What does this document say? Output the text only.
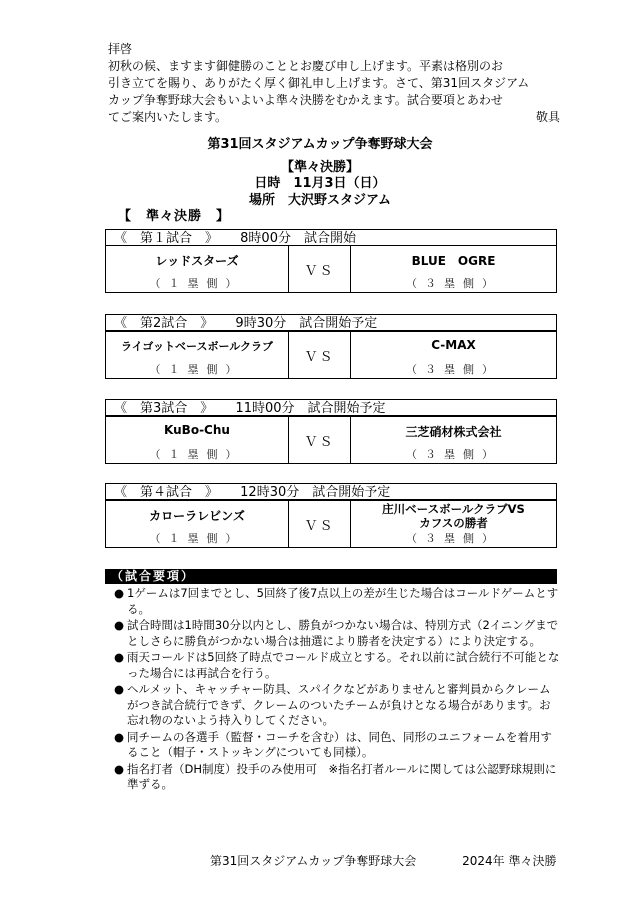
拝啓
初秋の候、ますます御健勝のこととお慶び申し上げます。平素は格別のお
引き立てを賜り、ありがたく厚く御礼申し上げます。さて、第31回スタジアム
カップ争奪野球大会もいよいよ準々決勝をむかえます。試合要項とあわせ
てご案内いたします。	敬具
第31回スタジアムカップ争奪野球大会
【準々決勝】
日時　11月3日（日）
場所　大沢野スタジアム
【　準々決勝　】
《　第１試合　》 8時00分　試合開始
レッドスターズ
（１塁側）
ＶＳ
BLUE　OGRE
（３塁側）
《　第2試合　》 9時30分　試合開始予定
ライゴットベースボールクラブ
（１塁側）
ＶＳ
C-MAX
（３塁側）
《　第3試合　》 11時00分　試合開始予定
KuBo-Chu
（１塁側）
ＶＳ
三芝硝材株式会社
（３塁側）
《　第４試合　》 12時30分　試合開始予定
カローラレビンズ
（１塁側）
ＶＳ
庄川ベースボールクラブVS
カフスの勝者
（３塁側）
（試合要項）
● 1ゲームは7回までとし、5回終了後7点以上の差が生じた場合はコールドゲームとする。
● 試合時間は1時間30分以内とし、勝負がつかない場合は、特別方式（2イニングまでとしさらに勝負がつかない場合は抽選により勝者を決定する）により決定する。
● 雨天コールドは5回終了時点でコールド成立とする。それ以前に試合続行不可能となった場合には再試合を行う。
● ヘルメット、キャッチャー防具、スパイクなどがありませんと審判員からクレームがつき試合続行できず、クレームのついたチームが負けとなる場合があります。お忘れ物のないよう持入りしてください。
● 同チームの各選手（監督・コーチを含む）は、同色、同形のユニフォームを着用すること（帽子・ストッキングについても同様）。
● 指名打者（DH制度）投手のみ使用可　※指名打者ルールに関しては公認野球規則に準ずる。
第31回スタジアムカップ争奪野球大会	2024年 準々決勝
